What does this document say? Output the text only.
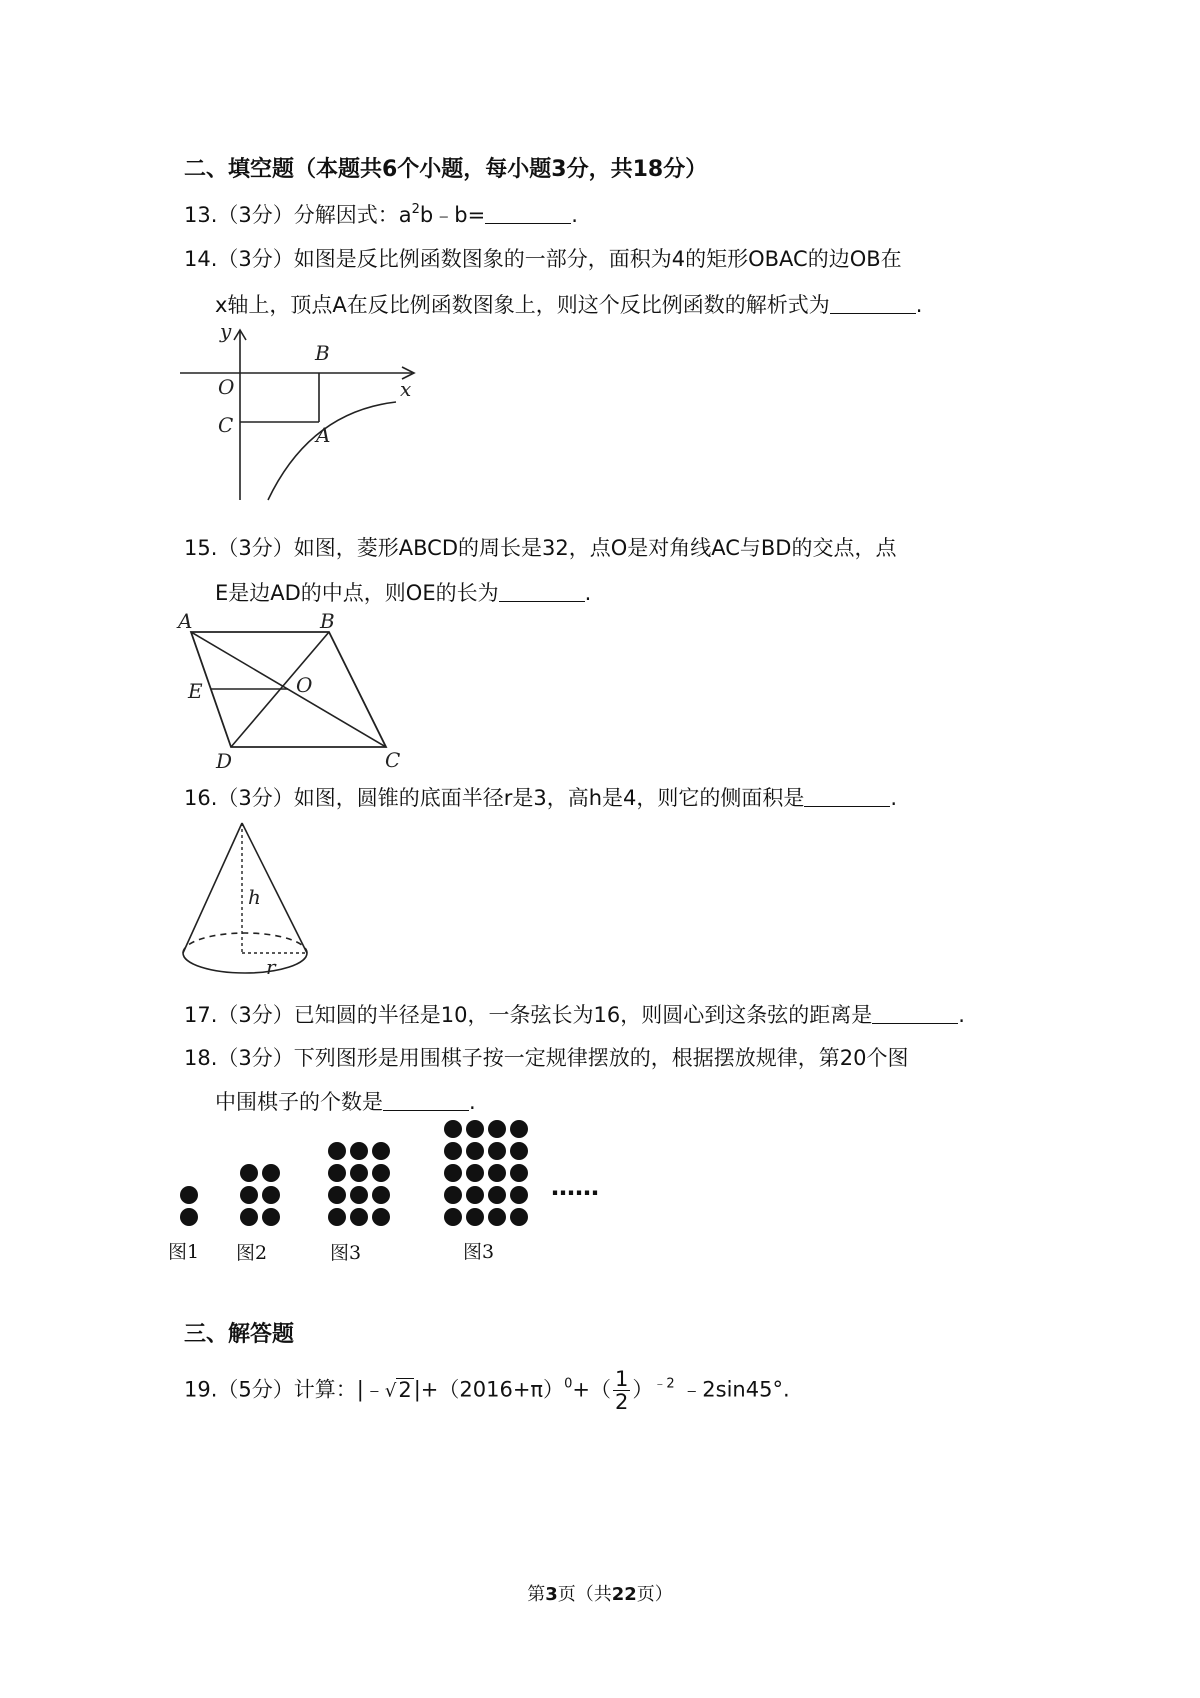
二、填空题（本题共6个小题，每小题3分，共18分）
13.（3分）分解因式：$a^2b﹣b=$	.
14.（3分）如图是反比例函数图象的一部分，面积为4的矩形OBAC的边OB在
x轴上，顶点A在反比例函数图象上，则这个反比例函数的解析式为	.
y
x
O
B
C	A
15.（3分）如图，菱形ABCD的周长是32，点O是对角线AC与BD的交点，点
E是边AD的中点，则OE的长为	.
A	B
C
D
E	O
16.（3分）如图，圆锥的底面半径r是3，高h是4，则它的侧面积是	.
h
r
17.（3分）已知圆的半径是10，一条弦长为16，则圆心到这条弦的距离是	.
18.（3分）下列图形是用围棋子按一定规律摆放的，根据摆放规律，第20个图
中围棋子的个数是	.
……
图1 图2	图3	图3
三、解答题
19.（5分）计算：$|﹣√2|+(2016+\pi)^0+( \frac{1}{2} )^{﹣2}$ ﹣2sin45°.
第3页（共22页）
